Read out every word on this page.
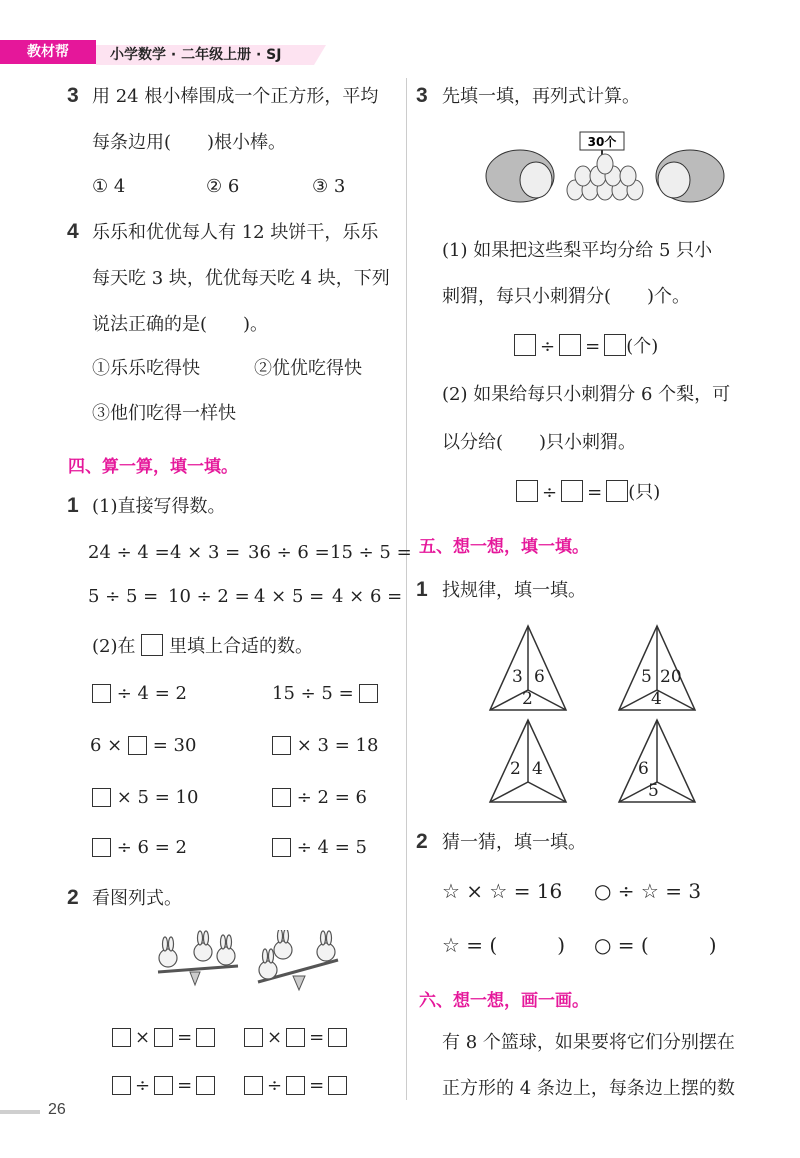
教材帮	小学数学 · 二年级上册 · SJ
3 用 24 根小棒围成一个正方形，平均
每条边用(　　)根小棒。
① 4	② 6	③ 3
4 乐乐和优优每人有 12 块饼干，乐乐
每天吃 3 块，优优每天吃 4 块，下列
说法正确的是(　　)。
①乐乐吃得快	②优优吃得快
③他们吃得一样快
四、算一算，填一填。
1 (1)直接写得数。
24 ÷ 4 = 4 × 3 = 36 ÷ 6 = 15 ÷ 5 =
5 ÷ 5 = 10 ÷ 2 = 4 × 5 = 4 × 6 =
(2)在 里填上合适的数。
÷ 4 = 2	15 ÷ 5 =
6 × = 30	× 3 = 18
× 5 = 10	÷ 2 = 6
÷ 6 = 2	÷ 4 = 5
2 看图列式。
× =	× =
÷ =	÷ =
26
3 先填一填，再列式计算。
30个
(1) 如果把这些梨平均分给 5 只小
刺猬，每只小刺猬分(　　)个。
÷ = (个)
(2) 如果给每只小刺猬分 6 个梨，可
以分给(　　)只小刺猬。
÷ = (只)
五、想一想，填一填。
1 找规律，填一填。
3 6
2
5 20
4
2 4	6
5
2 猜一猜，填一填。
☆ × ☆ = 16 ○ ÷ ☆ = 3
☆ = (　　　) ○ = (　　　)
六、想一想，画一画。
有 8 个篮球，如果要将它们分别摆在
正方形的 4 条边上，每条边上摆的数
